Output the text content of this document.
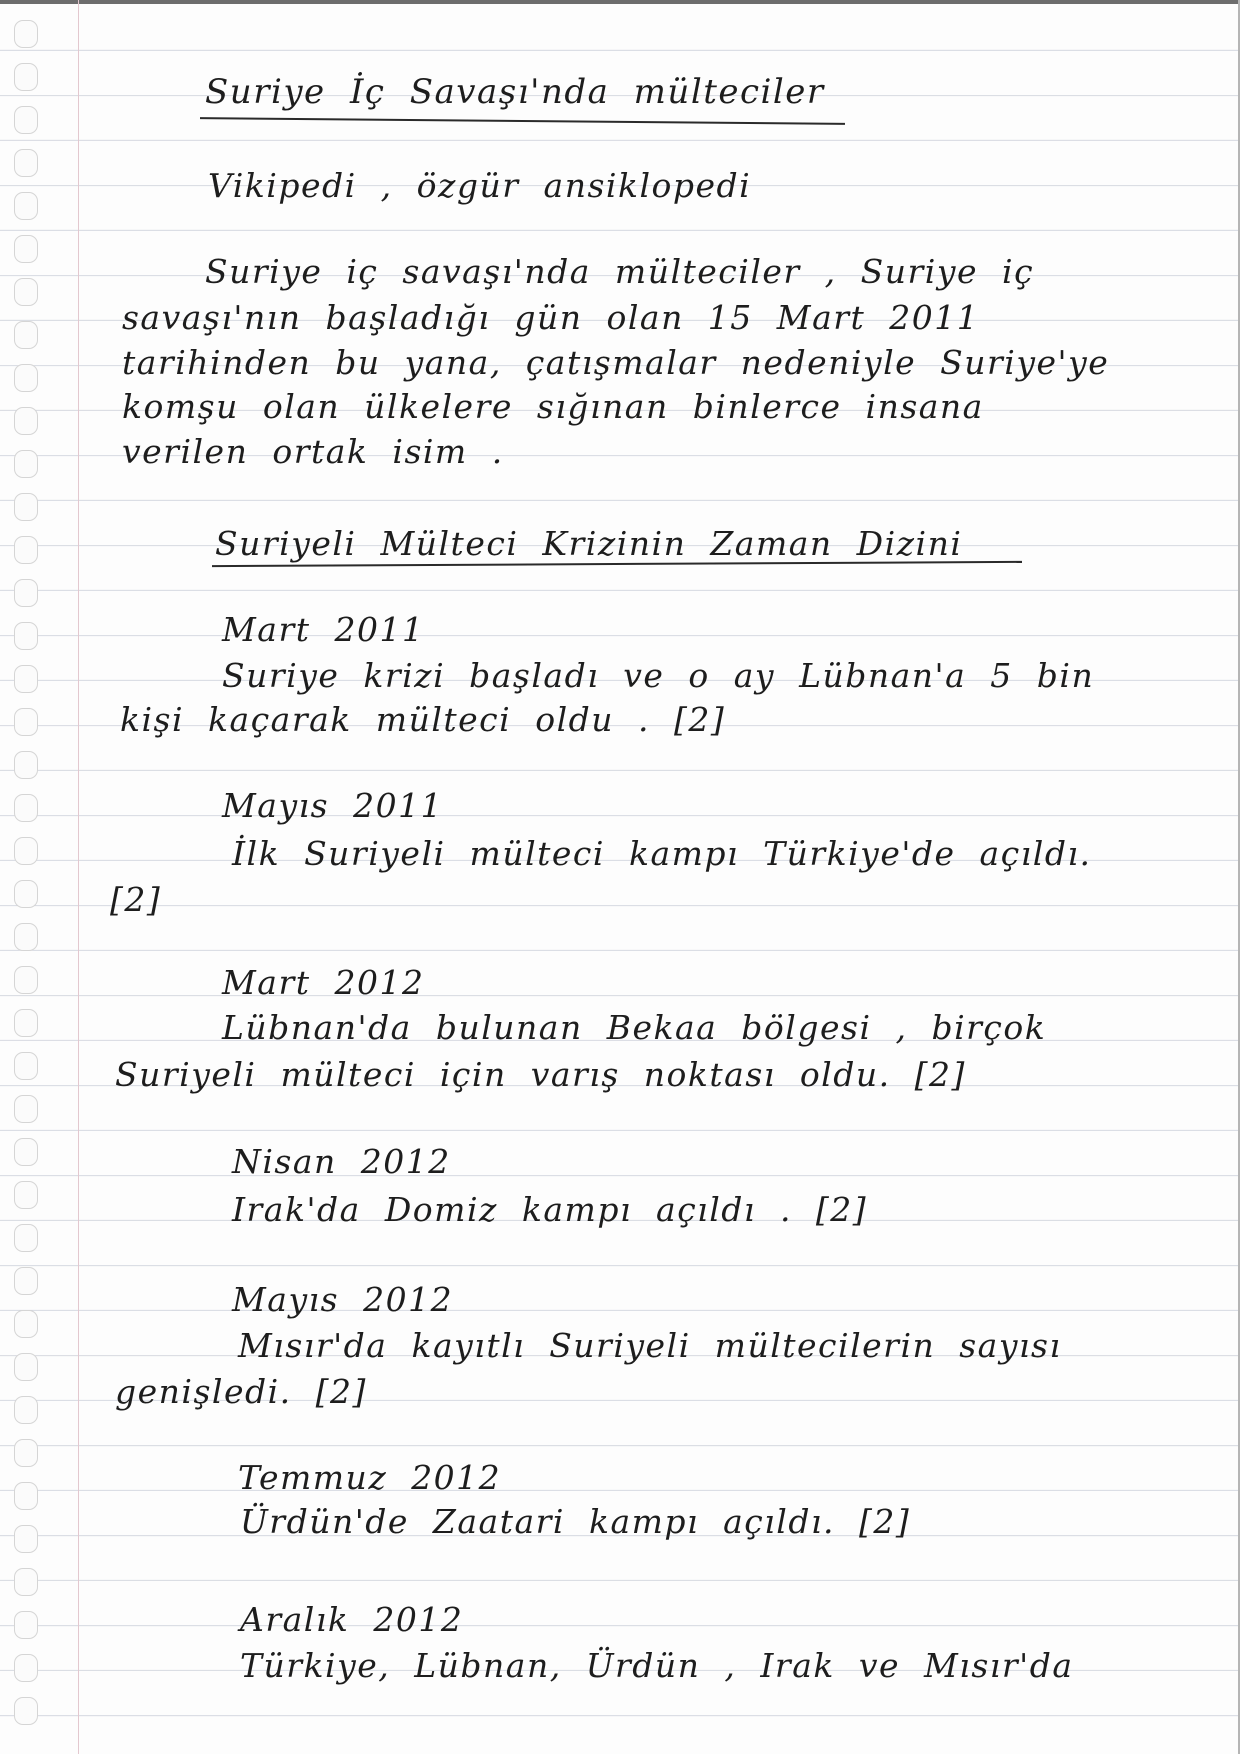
Suriye İç Savaşı'nda mülteciler
Vikipedi , özgür ansiklopedi
Suriye iç savaşı'nda mülteciler , Suriye iç
savaşı'nın başladığı gün olan 15 Mart 2011
tarihinden bu yana, çatışmalar nedeniyle Suriye'ye
komşu olan ülkelere sığınan binlerce insana
verilen ortak isim .
Suriyeli Mülteci Krizinin Zaman Dizini
Mart 2011
Suriye krizi başladı ve o ay Lübnan'a 5 bin
kişi kaçarak mülteci oldu . [2]
Mayıs 2011
İlk Suriyeli mülteci kampı Türkiye'de açıldı.
[2]
Mart 2012
Lübnan'da bulunan Bekaa bölgesi , birçok
Suriyeli mülteci için varış noktası oldu. [2]
Nisan 2012
Irak'da Domiz kampı açıldı . [2]
Mayıs 2012
Mısır'da kayıtlı Suriyeli mültecilerin sayısı
genişledi. [2]
Temmuz 2012
Ürdün'de Zaatari kampı açıldı. [2]
Aralık 2012
Türkiye, Lübnan, Ürdün , Irak ve Mısır'da
